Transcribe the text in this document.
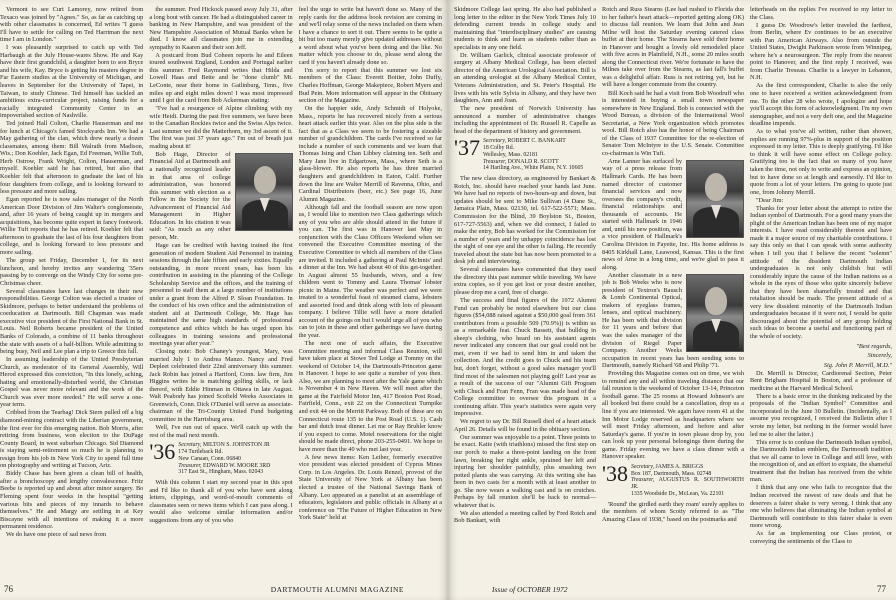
Vermont to see Curt Lamorey, now retired from Texaco was joined by "Agnes." So, as far as catching up with other classmates is concerned, Ed writes "I guess I'll have to settle for calling on Ted Harriman the next time I am in London."

I was pleasantly surprised to catch up with Ted Harbaugh at the July House-wares Show. He and Kay have their first grandchild, a daughter born to son Bryce and his wife, Kay. Bryce is getting his masters degree in Far Eastern studies at the University of Michigan, and leaves in September for the University of Tapei, in Taiwan, to study Chinese. Ted himself has tackled an ambitious extra-curricular project, raising funds for a racially integrated Community Center in an impoverished section of Nashville.

Ted joined Hall Colton, Charlie Hauserman and me for lunch at Chicago's famed Stockyards Inn. We had a May gathering of the clan, which drew nearly a dozen classmates, among them: Bill Walrath from Madison, Wis.; Don Koehler, Jack Egan, Ed Freeman, Willie Tuft, Herb Ostrow, Frank Wright, Colton, Hauserman, and myself. Koehler said he has retired, but also that Koehler felt that afternoon to graduate the last of his four daughters from college, and is looking forward to less pressure and more sailing.

Egan reported he is now sales manager of the North American Door Division of Jim Walter's conglomerate, and, after 16 years of being caught up in mergers and acquisitions, has become quite expert in fancy footwork. Willie Tuft reports that he has retired. Koehler felt that afternoon to graduate the last of his four daughters from college, and is looking forward to less pressure and more sailing.

The group set Friday, December 1, for its next luncheon, and hereby invites any wandering '35ers passing by to converge on the Windy City for some pre-Christmas cheer.

Several classmates have last changes in their new responsibilities. George Colton was elected a trustee of Skidmore, perhaps to better understand the problems of coeducation at Dartmouth. Bill Chapman was made executive vice president of the First National Bank in St. Louis. Neil Roberts became president of the United Banks of Colorado, a combine of 11 banks throughout the state with assets of a half-billion. While admitting to being busy, Neil and Lee plan a trip to Greece this fall.

In assuming leadership of the United Presbyterian Church, as moderator of its General Assembly, Will Herod expressed this conviction, "In this lonely, aching, hating and emotionally-disturbed world, the Christian Gospel was never more relevant and the work of the Church was ever more needed." He will serve a one-year term.

Cribbed from the Tearbag! Dick Stern pulled off a big diamond-mining contract with the Liberian government, the first ever for this emerging nation. Bob Morris, after retiring from business, won election to the DuPage County Board, in west suburban Chicago. Sid Diamond is staying semi-retirement so much he is planning to resign from his job in New York City to spend full time on photography and writing at Tucson, Ariz.

Biddy Chase has been given a clean bill of health, after a bronchoscopy and lengthy convalescence. Fritz Beebe is reported up and about after minor surgery. Bo Fleming spent four weeks in the hospital "getting various bits and pieces of my innards to behave themselves." He and Margy are settling in at Key Biscayne with all intentions of making it a more permanent residence.

We do have one piece of sad news from

the summer. Fred Hickock passed away July 31, after a long bout with cancer. He had a distinguished career in banking in New Hampshire, and was president of the New Hampshire Association of Mutual Banks when he died. I know all classmates join me in extending sympathy to Kaaren and their son Jeff.

A postcard from Bud Coheen reports he and Eileen toured southwest England, London and Portugal earlier this summer. Fred Raymond writes that Hilda and Lowell Haas and Bette and he "done clumb" Mt. LeConte, near their home in Gatlinburg, Tenn., five miles up and eight miles down! I was most impressed until I got the card from Bob Ackerman stating:

"I've had a resurgence of Alpine climbing with my wife Heidi. During the past five summers, we have been to the Canadian Rockies twice and the Swiss Alps twice. Last summer we did the Matterhorn, my 3rd ascent of it. The first was just 37 years ago." I'm out of breath just reading about it!

Bob Hage, Director of Financial Aid at Dartmouth and a nationally recognized leader in that area of college administration, was honored this summer with election as a Fellow in the Society for the Advancement of Financial Aid Management in Higher Education. In his citation it was said: "As much as any other person, Mr.

Hage can be credited with having trained the first generation of modern Student Aid Personnel in training sessions through the late fifties and early sixties. Equally outstanding, in more recent years, has been his contribution in assisting in the planning of the College Scholarship Service and the offices, and the training of personnel to staff them at a large number of institutions under a grant from the Alfred P. Sloan Foundation. In the conduct of his own office and the administration of student aid at Dartmouth College, Mr. Hage has maintained the same high standards of professional competence and ethics which he has urged upon his colleagues in training sessions and professional meetings year after year."

Closing note: Bob Chaney's youngest, Mary, was married July 1 to Andrea Manzo. Nancy and Fred Depleet celebrated their 22nd anniversary this summer. Jack Robin has joined a Hartford, Conn. law firm, Jim Higgins writes he is matching golfing skills, or lack thereof, with Eddie Hinman in Ottawa in late August. Walt Peabody has joined Scofield Weeks Associates in Greenwich, Conn. Dick O'Daniel will serve as associate-chairman of the Tri-County United Fund budgeting committee in the Harrisburg area.

Well, I've run out of space. We'll catch up with the rest of the mail next month.

'36 Secretary, MILTON S. JOHNSTON JR
174 Turtleback Rd.
New Canaan, Conn. 06840
Treasurer, EDWARD W. MOORE 3RD
317 East St., Hingham, Mass. 02043

With this column I start my second year in this spot and I'd like to thank all of you who have sent along letters, clippings, and word-of-mouth comments of classmates seen or news items which I can pass along. I would also welcome similar information and/or suggestions from any of you who

feel the urge to write but haven't done so. Many of the reply cards for the address book revision are coming in and we'll relay some of the news included on them when I have a chance to sort it out. There seems to be quite a bit but too many merely give updated addresses without a word about what you've been doing and the like. No matter which you choose to do, please send along the card if you haven't already done so.

I'm sorry to report that this summer we lost six members of the Class: Everett Boitier, John Duffy, Charles Hoffman, George Makepiece, Robert Myers and Bud Pein. More information will appear in the Obituary section of the Magazine.

On the happier side, Andy Schmidt of Holyoke, Mass., reports he has recovered nicely from a serious heart attack earlier this year. Also on the plus side is the fact that as a Class we seem to be fostering a sizeable number of grandchildren. The cards I've received so far include a number of such comments and we learn that Thomas Ising and Chan Libbey claiming ten. Seth and Mary Jane live in Edgartown, Mass., where Seth is a glass-blower. He also reports he has three married daughters and grandchildren in Eaton, Calif. Further down the line are Walter Merrill of Ravenna, Ohio, and Cardinal Distributors (beer, etc.) See page 16, June Alumni Magazine.

Although fall and the football season are now upon us, I would like to mention two Class gatherings which any of you who are able should attend in the future if you can. The first was in Hanover last May in conjunction with the Class Officers Weekend when we convened the Executive Committee meeting of the Executive Committee to which all members of the Class are invited. It included a gathering at Paul McInnis' and a dinner at the Inn. We had about 40 of this get-together. In August almost 55 husbands, wives, and a few children went to Tommy and Laura Thomas' lobster picnic in Maine. The weather was perfect and we were treated to a wonderful feast of steamed clams, lobsters and assorted food and drink along with lots of pleasant company. I believe Tillie will have a more detailed account of the goings on but I would urge all of you who can to join in these and other gatherings we have during the year.

The next one of such affairs, the Executive Committee meeting and informal Class Reunion, will have taken place at Stowe Ted Lodge at Tommy on the weekend of October 14, the Dartmouth-Princeton game in Hanover. I hope to see quite a number of you then. Also, we are planning to meet after the Yale game which is November 4 in New Haven. We will meet after the game at the Fairfield Motor Inn, 417 Boston Post Road, Fairfield, Conn., exit 22 on the Connecticut Turnpike and exit 44 on the Merritt Parkway. Both of these are on Connecticut route 135 to the Post Road (U.S. 1). Cash bar and dutch treat dinner. Let me or Ray Bruhler know if you expect to come. Motel reservations for the night should be made direct, phone 203-255-0491. We hope to have more than the 40 who met last year.

A few news items: Ken Leiber, formerly executive vice president was elected president of Cyprus Mines Corp. in Los Angeles. Dr. Louis Renzel, provost of the State University of New York at Albany has been elected a trustee of the National Savings Bank of Albany. Leo appeared as a panelist at an assemblage of educators, legislators and public officials in Albany at a conference on "The Future of Higher Education in New York State" held at

76	DARTMOUTH ALUMNI MAGAZINE

Skidmore College last spring. He also had published a long letter to the editor in the New York Times July 10 defending current trends in college study and maintaining that "interdisciplinary studies" are causing students to think and learn as students rather than as specialists in any one field.

Dr. William Garlick, clinical associate professor of surgery at Albany Medical College, has been elected director of the American Urological Association. Bill is an attending urologist at the Albany Medical Center, Veterans Administration, and St. Peter's Hospital. He lives with his wife Sylvia in Albany, and they have two daughters, Ann and Joan.

The new president of Norwich University has announced a number of administrative changes including the appointment of Dr. Russell R. Capelle as head of the department of history and government.

'37 Secretary, ROBERT C. BANKART
18 Colby Rd.
Wellesley, Mass. 02181
Treasurer, DONALD R. SCOTT
14 Hartling Ave., White Plains, N.Y. 10605

The new class directory, as engineered by Bankart & Rotch, Inc. should have reached your hands last June. We have had no reports of two-hours-up and down, but updates should be sent to Mike Sullivan (4 Dane St., Jamaica Plain, Mass. 02130, tel. 617-522-5571; Mass. Commission for the Blind, 39 Boylston St., Boston, 617-727-5563) and, when we did connect, I failed to make the entry, Bob has worked for the Commission for a number of years and by unhappy coincidence has lost the sight of one eye and the other is failing. He recently traveled about the state but has now been promoted to a desk job and interviewing.

Several classmates have commented that they used the directory this past summer while traveling. We have extra copies, so if you get lost or your desire another, please drop me a card, free of charge.

The success and final figures of the 1972 Alumni Fund can probably be noted elsewhere but our class figures ($54,088 raised against a $50,000 goal from 361 contributors from a possible 509 (70.9%)) is within us as a remarkable feat. Chuck Bassett, that bulldog in sheep's clothing, who heard on his assistant agents never indicated any concern that our goal could not be met, even if we had to send him in and taken the collection. And the credit goes to Chuck and his team but, don't forget, without a good sales manager you'll find most of the salesmen not playing golf! Last year as a result of the success of our "Alumni Gift Program with Chuck and Fran Fenn, Fran was made head of the College committee to oversee this program in a continuing affair. This year's statistics were again very impressive.

We regret to say Dr. Bill Russell died of a heart attack April 26. Details will be found in the obituary section.

Our summer was enjoyable to a point. Three points to be exact. Katie (with triathlons) missed the first step on our porch to make a three-point landing on the front lawn, breaking her right ankle, sprained her left and injuring her shoulder painfully, plus smashing two potted plants she was carrying. At this writing she has been in two casts for a month with at least another to go. She now wears a walking cast and is on crutches. Perhaps by fall reunion she'll be back to normal—whatever that is.

We also attended a meeting called by Fred Rotch and Bob Bankart, with

Rotch and Russ Stearns (Lee had rushed to Florida due to her father's heart attack—reported getting along OK) to discuss fall reunion. We learn that John and Jean Milne will host the Saturday evening catered class buffet at their home. The Stearns have sold their home in Hanover and bought a lovely old remodeled place with five acres in Plainfield, N.H., some 20 miles south along the Connecticut river. We're fortunate to have the Milnes take over from the Stearns, as last fall's buffet was a delightful affair. Russ is not retiring yet, but he will have a longer commute from the country.

Bill Koch said he had a visit from Bob Woodruff who is interested in buying a small town newspaper somewhere in New England. Bob is connected with the Wood Bureau, a division of the International Wool Secretariat, a New York organization which promotes wool. Bill Rotch also has the honor of being Chairman of the Class of 1937 Committee for the re-election of Senator Tom McIntyre to the U.S. Senate. Committee co-chairman is Win Tuft.

Arne Lanner has surfaced by way of a press release from Hallmark Cards. He has been named director of customer financial services and now oversees the company's credit, financial relationships and thousands of accounts. He started with Hallmark in 1946 and, until his new position, was a vice president of Hallmark's Carolina Division in Fayette, Inc. His home address is 8405 Kirkhall Lane, Leawood, Kansas. This is the first news of Arne in a long time, and we're glad to pass it along.

Another classmate in a new job is Bob Weeks who is now president of Textron's Bausch & Lomb Continental Optical, makers of eyeglass frames, lenses, and optical machinery. He has been with that division for 11 years and before that was the sales manager of the division of Riegel Paper Company. Another Weeks occupation in recent years has been sending sons to Dartmouth, namely Richard '68 and Philip '71.

Providing this Magazine comes out on time, we wish to remind any and all within traveling distance that our fall reunion is the weekend of October 13-14, Princeton football game. The 25 rooms at Howard Johnson's are all booked but there could be a cancellation, drop us a line if you are interested. We again have room 41 at the Inn Motor Lodge reserved as headquarters where we will meet Friday afternoon, and before and after Saturday's game. If you're in town please drop by, you can look up your personal belongings there during the game. Friday evening we have a class dinner with a Hanover speaker.

'38 Secretary, JAMES A. BRIGGS
Box 187, Dartmouth, Mass. 02748
Treasurer, AUGUSTUS R. SOUTHWORTH JR.
1335 Woodside Dr., McLean, Va. 22101

'Round' the girdled earth they roam' surely applies to the members of whom Scotty referred to as "The Amazing Class of 1938," based on the postmarks and

letterheads on the replies I've received to my letter to the Class.

I guess Dr. Woodrow's letter traveled the farthest, from Berlin, where Ev continues to be an executive with Pan American Airways. Also from outside the United States, Dwight Parkinson wrote from Winnipeg, where he's a neurosurgeon. The reply from the nearest point to Hanover, and the first reply I received, was from Charlie Treseau. Charlie is a lawyer in Lebanon, N.H.

As the first correspondent, Charlie is also the only one to have received a written acknowledgment from me. To the other 28 who wrote, I apologize and hope you'll accept this form of acknowledgment. I'm my own stenographer, and not a very deft one, and the Magazine deadline impends.

As to what you've all written, rather than shower, replies are running 97%-plus in support of the position expressed in my letter. This is deeply gratifying. I'd like to think it will have some effect on College policy. Gratifying too is the fact that so many of you have taken the time, not only to write and express an opinion, but to have done so at length and earnestly. I'd like to quote from a lot of your letters. I'm going to quote just one, from Johnny Merrill.

"Dear Jim:

Thanks for your letter about the attempt to retire the Indian symbol of Dartmouth. For a good many years the plight of the American Indian has been one of my major interests. I have read considerably thereon and have made it a major source of my charitable contributions. I say this only so that I can speak with some authority when I tell you that I believe the recent "solemn" attitude of the dissident Dartmouth Indian undergraduates is not only childish but will considerably injure the cause of the Indian nations as a whole in the eyes of those who quite sincerely believe that they have been shamefully treated and that retaliation should be made. The present attitude of a very few dissident minority of the Dartmouth Indian undergraduates because if it were not, I would be quite discouraged about the potential of any group holding such ideas to become a useful and functioning part of the whole of society.

"Best regards,

Sincerely,

Sig. John P. Merrill, M.D."

Dr. Merrill is Director, Cardiorenal Section, Peter Bent Brigham Hospital in Boston, and a professor of medicine at the Harvard Medical School.

There is a basic error in the thinking indicated by the proposals of the "Indian Symbol" Committee and incorporated in the June 30 Bulletin. (Incidentally, as I assume you recognized, I received the Bulletin after I wrote my letter, but nothing in the former would have led me to alter the latter.)

This error is to confuse the Dartmouth Indian symbol, the Dartmouth Indian emblem, the Dartmouth tradition that we all came to love in College and still love, with the recognition of, and an effort to expiate, the shameful treatment that the Indian has received from the white man.

I think that any one who fails to recognize that the Indian received the rawest of raw deals and that he deserves a fairer shake is very wrong. I think that any one who believes that eliminating the Indian symbol at Dartmouth will contribute to this fairer shake is even more wrong.

As far as implementing our Class protest, or conveying the sentiments of the Class to

Issue of OCTOBER 1972	77
